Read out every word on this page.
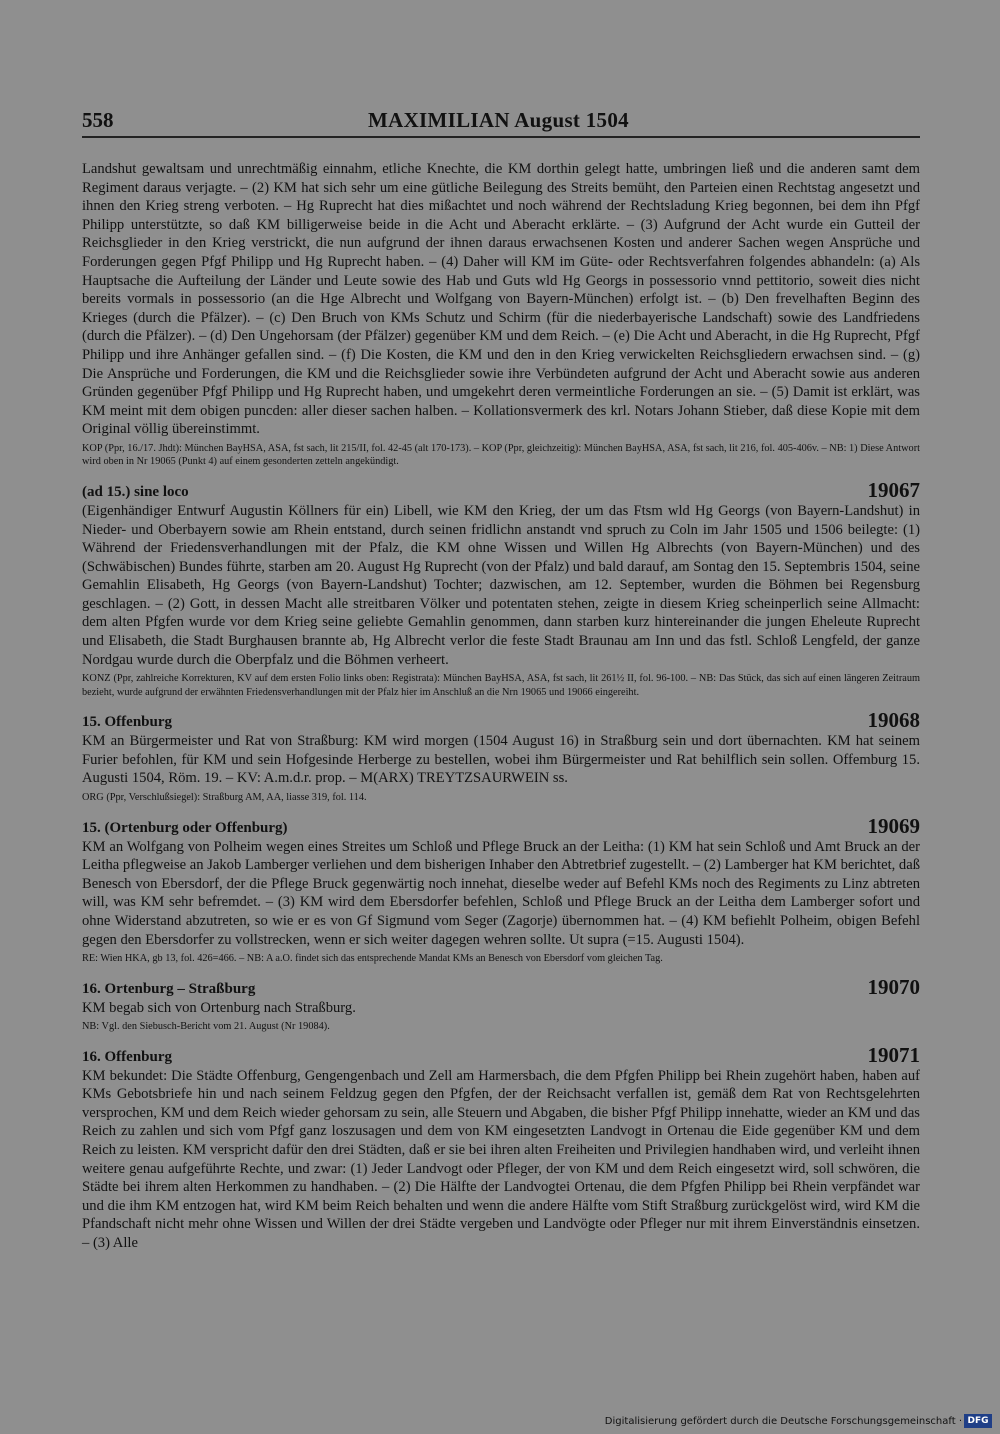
558	MAXIMILIAN August 1504

Landshut gewaltsam und unrechtmäßig einnahm, etliche Knechte, die KM dorthin gelegt hatte, umbringen ließ und die anderen samt dem Regiment daraus verjagte. – (2) KM hat sich sehr um eine gütliche Beilegung des Streits bemüht, den Parteien einen Rechtstag angesetzt und ihnen den Krieg streng verboten. – Hg Ruprecht hat dies mißachtet und noch während der Rechtsladung Krieg begonnen, bei dem ihn Pfgf Philipp unterstützte, so daß KM billigerweise beide in die Acht und Aberacht erklärte. – (3) Aufgrund der Acht wurde ein Gutteil der Reichsglieder in den Krieg verstrickt, die nun aufgrund der ihnen daraus erwachsenen Kosten und anderer Sachen wegen Ansprüche und Forderungen gegen Pfgf Philipp und Hg Ruprecht haben. – (4) Daher will KM im Güte- oder Rechtsverfahren folgendes abhandeln: (a) Als Hauptsache die Aufteilung der Länder und Leute sowie des Hab und Guts wld Hg Georgs in possessorio vnnd pettitorio, soweit dies nicht bereits vormals in possessorio (an die Hge Albrecht und Wolfgang von Bayern-München) erfolgt ist. – (b) Den frevelhaften Beginn des Krieges (durch die Pfälzer). – (c) Den Bruch von KMs Schutz und Schirm (für die niederbayerische Landschaft) sowie des Landfriedens (durch die Pfälzer). – (d) Den Ungehorsam (der Pfälzer) gegenüber KM und dem Reich. – (e) Die Acht und Aberacht, in die Hg Ruprecht, Pfgf Philipp und ihre Anhänger gefallen sind. – (f) Die Kosten, die KM und den in den Krieg verwickelten Reichsgliedern erwachsen sind. – (g) Die Ansprüche und Forderungen, die KM und die Reichsglieder sowie ihre Verbündeten aufgrund der Acht und Aberacht sowie aus anderen Gründen gegenüber Pfgf Philipp und Hg Ruprecht haben, und umgekehrt deren vermeintliche Forderungen an sie. – (5) Damit ist erklärt, was KM meint mit dem obigen puncden: aller dieser sachen halben. – Kollationsvermerk des krl. Notars Johann Stieber, daß diese Kopie mit dem Original völlig übereinstimmt.

KOP (Ppr, 16./17. Jhdt): München BayHSA, ASA, fst sach, lit 215/II, fol. 42-45 (alt 170-173). – KOP (Ppr, gleichzeitig): München BayHSA, ASA, fst sach, lit 216, fol. 405-406v. – NB: 1) Diese Antwort wird oben in Nr 19065 (Punkt 4) auf einem gesonderten zetteln angekündigt.

(ad 15.) sine loco	19067

(Eigenhändiger Entwurf Augustin Köllners für ein) Libell, wie KM den Krieg, der um das Ftsm wld Hg Georgs (von Bayern-Landshut) in Nieder- und Oberbayern sowie am Rhein entstand, durch seinen fridlichn anstandt vnd spruch zu Coln im Jahr 1505 und 1506 beilegte: (1) Während der Friedensverhandlungen mit der Pfalz, die KM ohne Wissen und Willen Hg Albrechts (von Bayern-München) und des (Schwäbischen) Bundes führte, starben am 20. August Hg Ruprecht (von der Pfalz) und bald darauf, am Sontag den 15. Septembris 1504, seine Gemahlin Elisabeth, Hg Georgs (von Bayern-Landshut) Tochter; dazwischen, am 12. September, wurden die Böhmen bei Regensburg geschlagen. – (2) Gott, in dessen Macht alle streitbaren Völker und potentaten stehen, zeigte in diesem Krieg scheinperlich seine Allmacht: dem alten Pfgfen wurde vor dem Krieg seine geliebte Gemahlin genommen, dann starben kurz hintereinander die jungen Eheleute Ruprecht und Elisabeth, die Stadt Burghausen brannte ab, Hg Albrecht verlor die feste Stadt Braunau am Inn und das fstl. Schloß Lengfeld, der ganze Nordgau wurde durch die Oberpfalz und die Böhmen verheert.

KONZ (Ppr, zahlreiche Korrekturen, KV auf dem ersten Folio links oben: Registrata): München BayHSA, ASA, fst sach, lit 261½ II, fol. 96-100. – NB: Das Stück, das sich auf einen längeren Zeitraum bezieht, wurde aufgrund der erwähnten Friedensverhandlungen mit der Pfalz hier im Anschluß an die Nrn 19065 und 19066 eingereiht.

15. Offenburg	19068

KM an Bürgermeister und Rat von Straßburg: KM wird morgen (1504 August 16) in Straßburg sein und dort übernachten. KM hat seinem Furier befohlen, für KM und sein Hofgesinde Herberge zu bestellen, wobei ihm Bürgermeister und Rat behilflich sein sollen. Offemburg 15. Augusti 1504, Röm. 19. – KV: A.m.d.r. prop. – M(ARX) TREYTZSAURWEIN ss.

ORG (Ppr, Verschlußsiegel): Straßburg AM, AA, liasse 319, fol. 114.

15. (Ortenburg oder Offenburg)	19069

KM an Wolfgang von Polheim wegen eines Streites um Schloß und Pflege Bruck an der Leitha: (1) KM hat sein Schloß und Amt Bruck an der Leitha pflegweise an Jakob Lamberger verliehen und dem bisherigen Inhaber den Abtretbrief zugestellt. – (2) Lamberger hat KM berichtet, daß Benesch von Ebersdorf, der die Pflege Bruck gegenwärtig noch innehat, dieselbe weder auf Befehl KMs noch des Regiments zu Linz abtreten will, was KM sehr befremdet. – (3) KM wird dem Ebersdorfer befehlen, Schloß und Pflege Bruck an der Leitha dem Lamberger sofort und ohne Widerstand abzutreten, so wie er es von Gf Sigmund vom Seger (Zagorje) übernommen hat. – (4) KM befiehlt Polheim, obigen Befehl gegen den Ebersdorfer zu vollstrecken, wenn er sich weiter dagegen wehren sollte. Ut supra (=15. Augusti 1504).

RE: Wien HKA, gb 13, fol. 426=466. – NB: A a.O. findet sich das entsprechende Mandat KMs an Benesch von Ebersdorf vom gleichen Tag.

16. Ortenburg – Straßburg	19070

KM begab sich von Ortenburg nach Straßburg.

NB: Vgl. den Siebusch-Bericht vom 21. August (Nr 19084).

16. Offenburg	19071

KM bekundet: Die Städte Offenburg, Gengengenbach und Zell am Harmersbach, die dem Pfgfen Philipp bei Rhein zugehört haben, haben auf KMs Gebotsbriefe hin und nach seinem Feldzug gegen den Pfgfen, der der Reichsacht verfallen ist, gemäß dem Rat von Rechtsgelehrten versprochen, KM und dem Reich wieder gehorsam zu sein, alle Steuern und Abgaben, die bisher Pfgf Philipp innehatte, wieder an KM und das Reich zu zahlen und sich vom Pfgf ganz loszusagen und dem von KM eingesetzten Landvogt in Ortenau die Eide gegenüber KM und dem Reich zu leisten. KM verspricht dafür den drei Städten, daß er sie bei ihren alten Freiheiten und Privilegien handhaben wird, und verleiht ihnen weitere genau aufgeführte Rechte, und zwar: (1) Jeder Landvogt oder Pfleger, der von KM und dem Reich eingesetzt wird, soll schwören, die Städte bei ihrem alten Herkommen zu handhaben. – (2) Die Hälfte der Landvogtei Ortenau, die dem Pfgfen Philipp bei Rhein verpfändet war und die ihm KM entzogen hat, wird KM beim Reich behalten und wenn die andere Hälfte vom Stift Straßburg zurückgelöst wird, wird KM die Pfandschaft nicht mehr ohne Wissen und Willen der drei Städte vergeben und Landvögte oder Pfleger nur mit ihrem Einverständnis einsetzen. – (3) Alle

Digitalisierung gefördert durch die Deutsche Forschungsgemeinschaft · DFG
